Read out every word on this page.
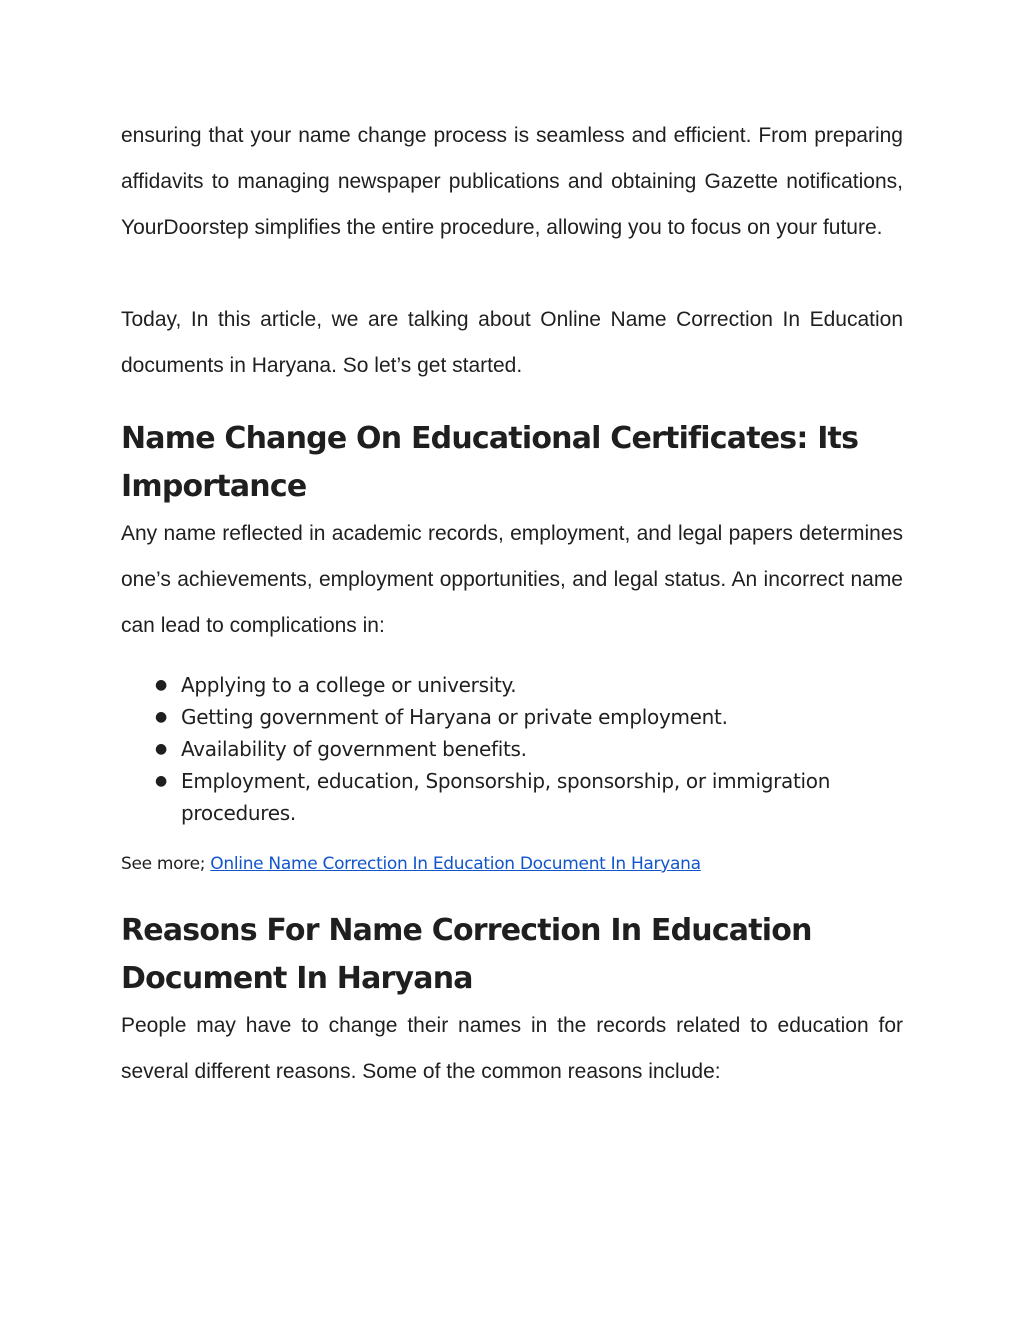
ensuring that your name change process is seamless and efficient. From preparing affidavits to managing newspaper publications and obtaining Gazette notifications, YourDoorstep simplifies the entire procedure, allowing you to focus on your future.

Today, In this article, we are talking about Online Name Correction In Education documents in Haryana. So let’s get started.

Name Change On Educational Certificates: Its Importance

Any name reflected in academic records, employment, and legal papers determines one’s achievements, employment opportunities, and legal status. An incorrect name can lead to complications in:

● Applying to a college or university.
● Getting government of Haryana or private employment.
● Availability of government benefits.
● Employment, education, Sponsorship, sponsorship, or immigration procedures.
See more; Online Name Correction In Education Document In Haryana
Reasons For Name Correction In Education Document In Haryana

People may have to change their names in the records related to education for several different reasons. Some of the common reasons include:
